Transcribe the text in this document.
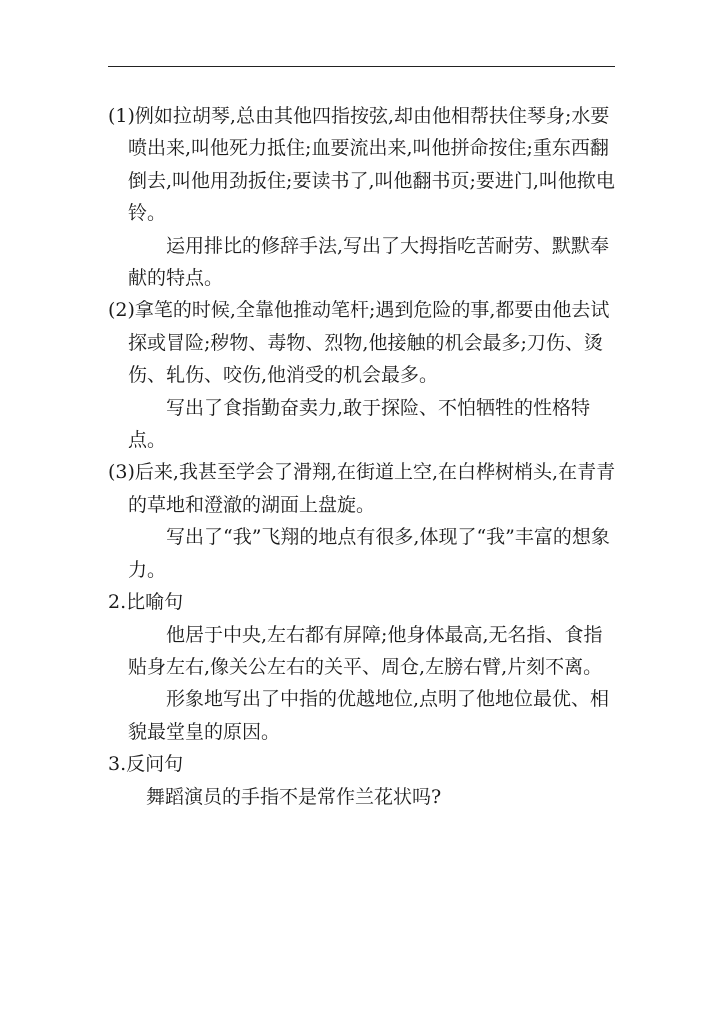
(1)例如拉胡琴,总由其他四指按弦,却由他相帮扶住琴身;水要喷出来,叫他死力抵住;血要流出来,叫他拼命按住;重东西翻倒去,叫他用劲扳住;要读书了,叫他翻书页;要进门,叫他揿电铃。

运用排比的修辞手法,写出了大拇指吃苦耐劳、默默奉献的特点。

(2)拿笔的时候,全靠他推动笔杆;遇到危险的事,都要由他去试探或冒险;秽物、毒物、烈物,他接触的机会最多;刀伤、烫伤、轧伤、咬伤,他消受的机会最多。

写出了食指勤奋卖力,敢于探险、不怕牺牲的性格特点。

(3)后来,我甚至学会了滑翔,在街道上空,在白桦树梢头,在青青的草地和澄澈的湖面上盘旋。

写出了“我”飞翔的地点有很多,体现了“我”丰富的想象力。

2.比喻句

他居于中央,左右都有屏障;他身体最高,无名指、食指贴身左右,像关公左右的关平、周仓,左膀右臂,片刻不离。

形象地写出了中指的优越地位,点明了他地位最优、相貌最堂皇的原因。

3.反问句

舞蹈演员的手指不是常作兰花状吗?
